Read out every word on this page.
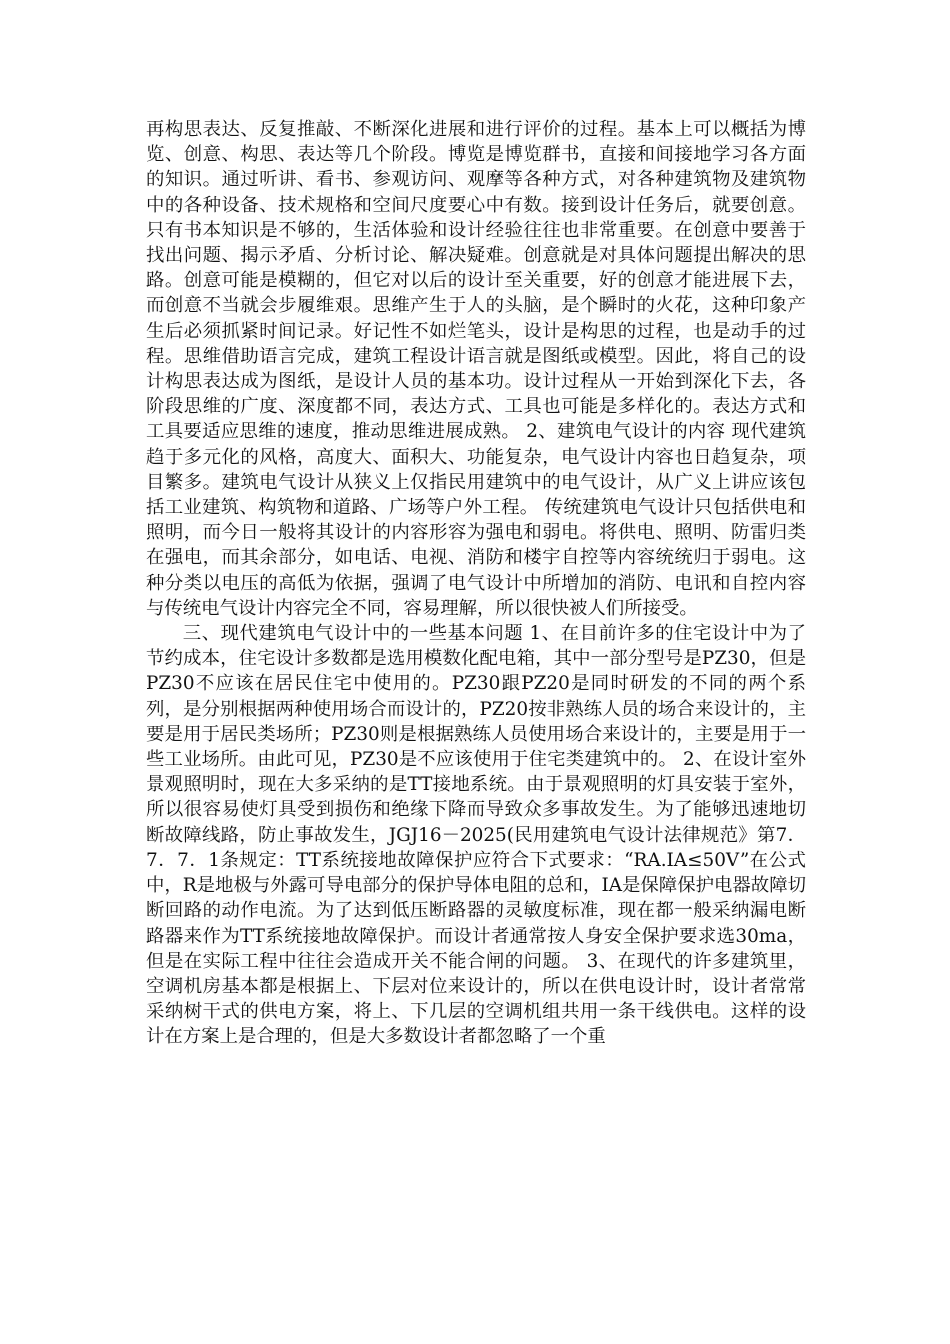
再构思表达、反复推敲、不断深化进展和进行评价的过程。基本上可以概括为博览、创意、构思、表达等几个阶段。博览是博览群书，直接和间接地学习各方面的知识。通过听讲、看书、参观访问、观摩等各种方式，对各种建筑物及建筑物中的各种设备、技术规格和空间尺度要心中有数。接到设计任务后，就要创意。只有书本知识是不够的，生活体验和设计经验往往也非常重要。在创意中要善于找出问题、揭示矛盾、分析讨论、解决疑难。创意就是对具体问题提出解决的思路。创意可能是模糊的，但它对以后的设计至关重要，好的创意才能进展下去，而创意不当就会步履维艰。思维产生于人的头脑，是个瞬时的火花，这种印象产生后必须抓紧时间记录。好记性不如烂笔头，设计是构思的过程，也是动手的过程。思维借助语言完成，建筑工程设计语言就是图纸或模型。因此，将自己的设计构思表达成为图纸，是设计人员的基本功。设计过程从一开始到深化下去，各阶段思维的广度、深度都不同，表达方式、工具也可能是多样化的。表达方式和工具要适应思维的速度，推动思维进展成熟。 2、建筑电气设计的内容 现代建筑趋于多元化的风格，高度大、面积大、功能复杂，电气设计内容也日趋复杂，项目繁多。建筑电气设计从狭义上仅指民用建筑中的电气设计，从广义上讲应该包括工业建筑、构筑物和道路、广场等户外工程。 传统建筑电气设计只包括供电和照明，而今日一般将其设计的内容形容为强电和弱电。将供电、照明、防雷归类在强电，而其余部分，如电话、电视、消防和楼宇自控等内容统统归于弱电。这种分类以电压的高低为依据，强调了电气设计中所增加的消防、电讯和自控内容与传统电气设计内容完全不同，容易理解，所以很快被人们所接受。

三、现代建筑电气设计中的一些基本问题 1、在目前许多的住宅设计中为了节约成本，住宅设计多数都是选用模数化配电箱，其中一部分型号是PZ30，但是PZ30不应该在居民住宅中使用的。PZ30跟PZ20是同时研发的不同的两个系列，是分别根据两种使用场合而设计的，PZ20按非熟练人员的场合来设计的，主要是用于居民类场所；PZ30则是根据熟练人员使用场合来设计的，主要是用于一些工业场所。由此可见，PZ30是不应该使用于住宅类建筑中的。 2、在设计室外景观照明时，现在大多采纳的是TT接地系统。由于景观照明的灯具安装于室外，所以很容易使灯具受到损伤和绝缘下降而导致众多事故发生。为了能够迅速地切断故障线路，防止事故发生，JGJ16－2025(民用建筑电气设计法律规范》第7．7．7．1条规定：TT系统接地故障保护应符合下式要求：“RA.IA≤50V”在公式中，R是地极与外露可导电部分的保护导体电阻的总和，IA是保障保护电器故障切断回路的动作电流。为了达到低压断路器的灵敏度标准，现在都一般采纳漏电断路器来作为TT系统接地故障保护。而设计者通常按人身安全保护要求选30ma，但是在实际工程中往往会造成开关不能合闸的问题。 3、在现代的许多建筑里，空调机房基本都是根据上、下层对位来设计的，所以在供电设计时，设计者常常采纳树干式的供电方案，将上、下几层的空调机组共用一条干线供电。这样的设计在方案上是合理的，但是大多数设计者都忽略了一个重
